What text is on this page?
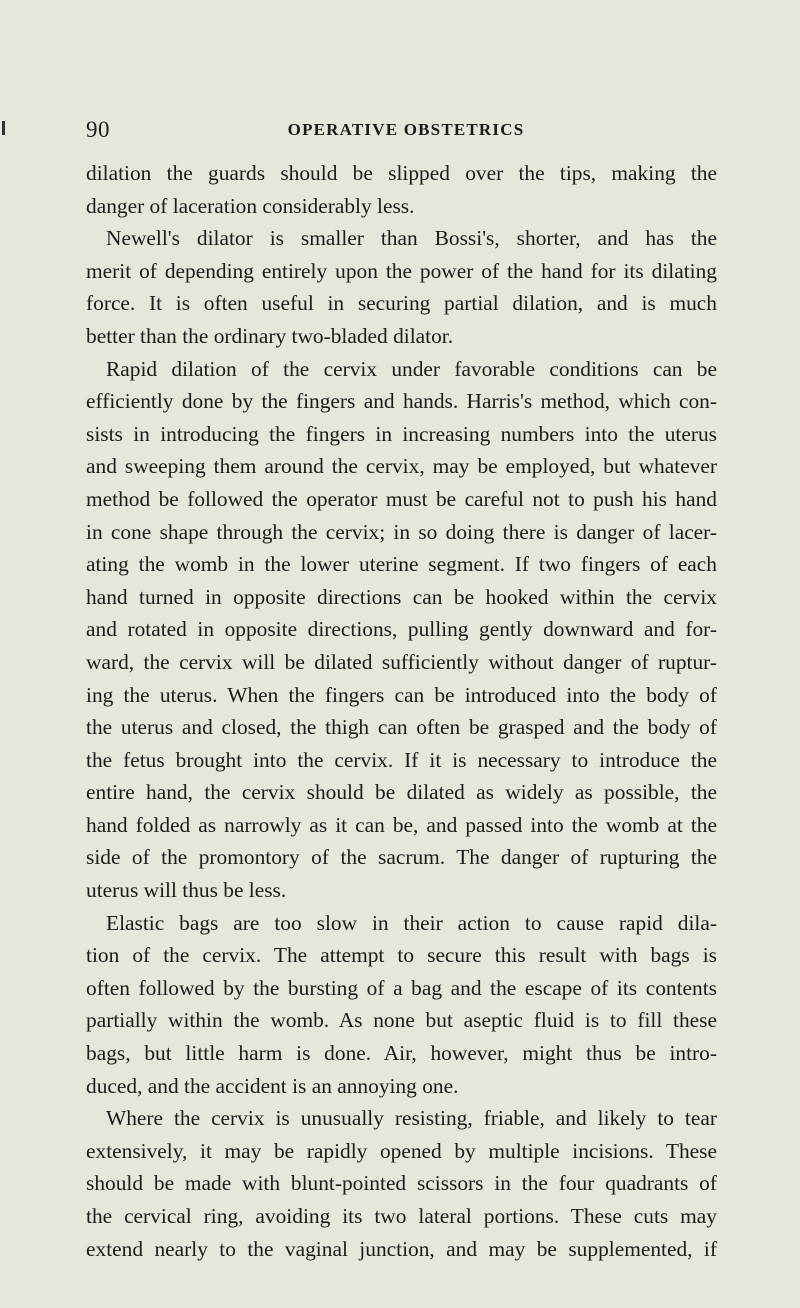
90	OPERATIVE OBSTETRICS
dilation the guards should be slipped over the tips, making the
danger of laceration considerably less.
Newell's dilator is smaller than Bossi's, shorter, and has the
merit of depending entirely upon the power of the hand for its dilating
force. It is often useful in securing partial dilation, and is much
better than the ordinary two-bladed dilator.
Rapid dilation of the cervix under favorable conditions can be
efficiently done by the fingers and hands. Harris's method, which con-
sists in introducing the fingers in increasing numbers into the uterus
and sweeping them around the cervix, may be employed, but whatever
method be followed the operator must be careful not to push his hand
in cone shape through the cervix; in so doing there is danger of lacer-
ating the womb in the lower uterine segment. If two fingers of each
hand turned in opposite directions can be hooked within the cervix
and rotated in opposite directions, pulling gently downward and for-
ward, the cervix will be dilated sufficiently without danger of ruptur-
ing the uterus. When the fingers can be introduced into the body of
the uterus and closed, the thigh can often be grasped and the body of
the fetus brought into the cervix. If it is necessary to introduce the
entire hand, the cervix should be dilated as widely as possible, the
hand folded as narrowly as it can be, and passed into the womb at the
side of the promontory of the sacrum. The danger of rupturing the
uterus will thus be less.
Elastic bags are too slow in their action to cause rapid dila-
tion of the cervix. The attempt to secure this result with bags is
often followed by the bursting of a bag and the escape of its contents
partially within the womb. As none but aseptic fluid is to fill these
bags, but little harm is done. Air, however, might thus be intro-
duced, and the accident is an annoying one.
Where the cervix is unusually resisting, friable, and likely to tear
extensively, it may be rapidly opened by multiple incisions. These
should be made with blunt-pointed scissors in the four quadrants of
the cervical ring, avoiding its two lateral portions. These cuts may
extend nearly to the vaginal junction, and may be supplemented, if
